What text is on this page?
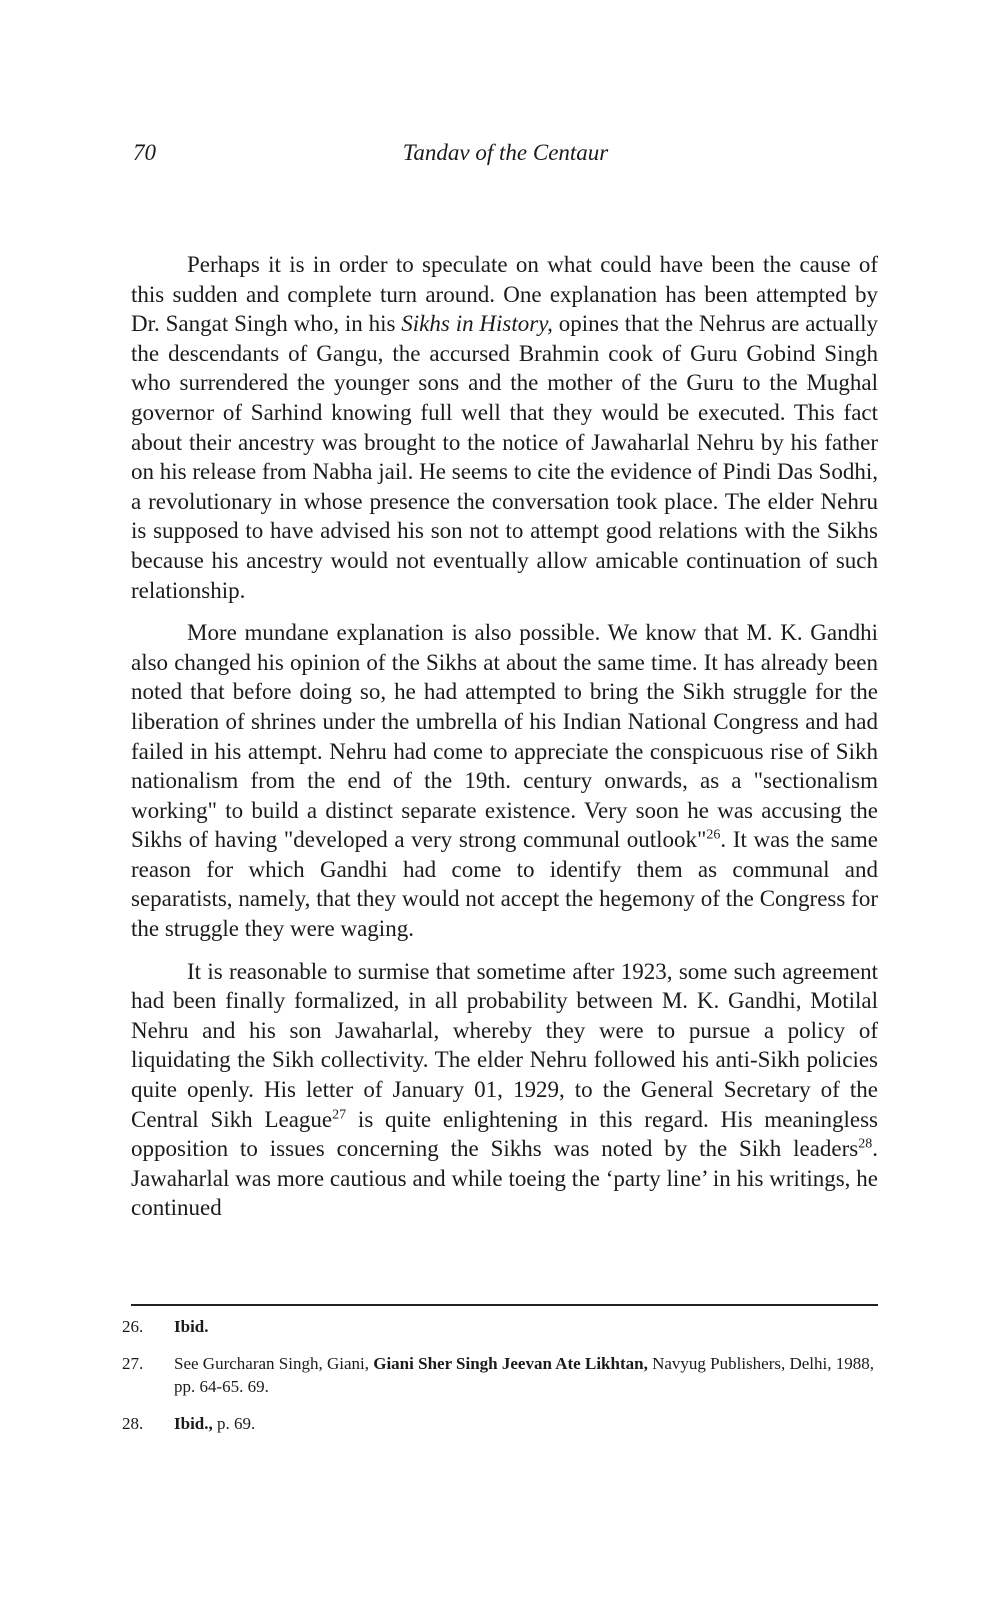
70	Tandav of the Centaur

Perhaps it is in order to speculate on what could have been the cause of this sudden and complete turn around. One explanation has been attempted by Dr. Sangat Singh who, in his Sikhs in History, opines that the Nehrus are actually the descendants of Gangu, the accursed Brahmin cook of Guru Gobind Singh who surrendered the younger sons and the mother of the Guru to the Mughal governor of Sarhind knowing full well that they would be executed. This fact about their ancestry was brought to the notice of Jawaharlal Nehru by his father on his release from Nabha jail. He seems to cite the evidence of Pindi Das Sodhi, a revolutionary in whose presence the conversation took place. The elder Nehru is supposed to have advised his son not to attempt good relations with the Sikhs because his ancestry would not eventually allow amicable continuation of such relationship.

More mundane explanation is also possible. We know that M. K. Gandhi also changed his opinion of the Sikhs at about the same time. It has already been noted that before doing so, he had attempted to bring the Sikh struggle for the liberation of shrines under the umbrella of his Indian National Congress and had failed in his attempt. Nehru had come to appreciate the conspicuous rise of Sikh nationalism from the end of the 19th. century onwards, as a "sectionalism working" to build a distinct separate existence. Very soon he was accusing the Sikhs of having "developed a very strong communal outlook"$^{26}$. It was the same reason for which Gandhi had come to identify them as communal and separatists, namely, that they would not accept the hegemony of the Congress for the struggle they were waging.

It is reasonable to surmise that sometime after 1923, some such agreement had been finally formalized, in all probability between M. K. Gandhi, Motilal Nehru and his son Jawaharlal, whereby they were to pursue a policy of liquidating the Sikh collectivity. The elder Nehru followed his anti-Sikh policies quite openly. His letter of January 01, 1929, to the General Secretary of the Central Sikh League$^{27}$ is quite enlightening in this regard. His meaningless opposition to issues concerning the Sikhs was noted by the Sikh leaders$^{28}$. Jawaharlal was more cautious and while toeing the ‘party line’ in his writings, he continued

26. Ibid.
27. See Gurcharan Singh, Giani, Giani Sher Singh Jeevan Ate Likhtan, Navyug Publishers, Delhi, 1988, pp. 64-65. 69.
28. Ibid., p. 69.
